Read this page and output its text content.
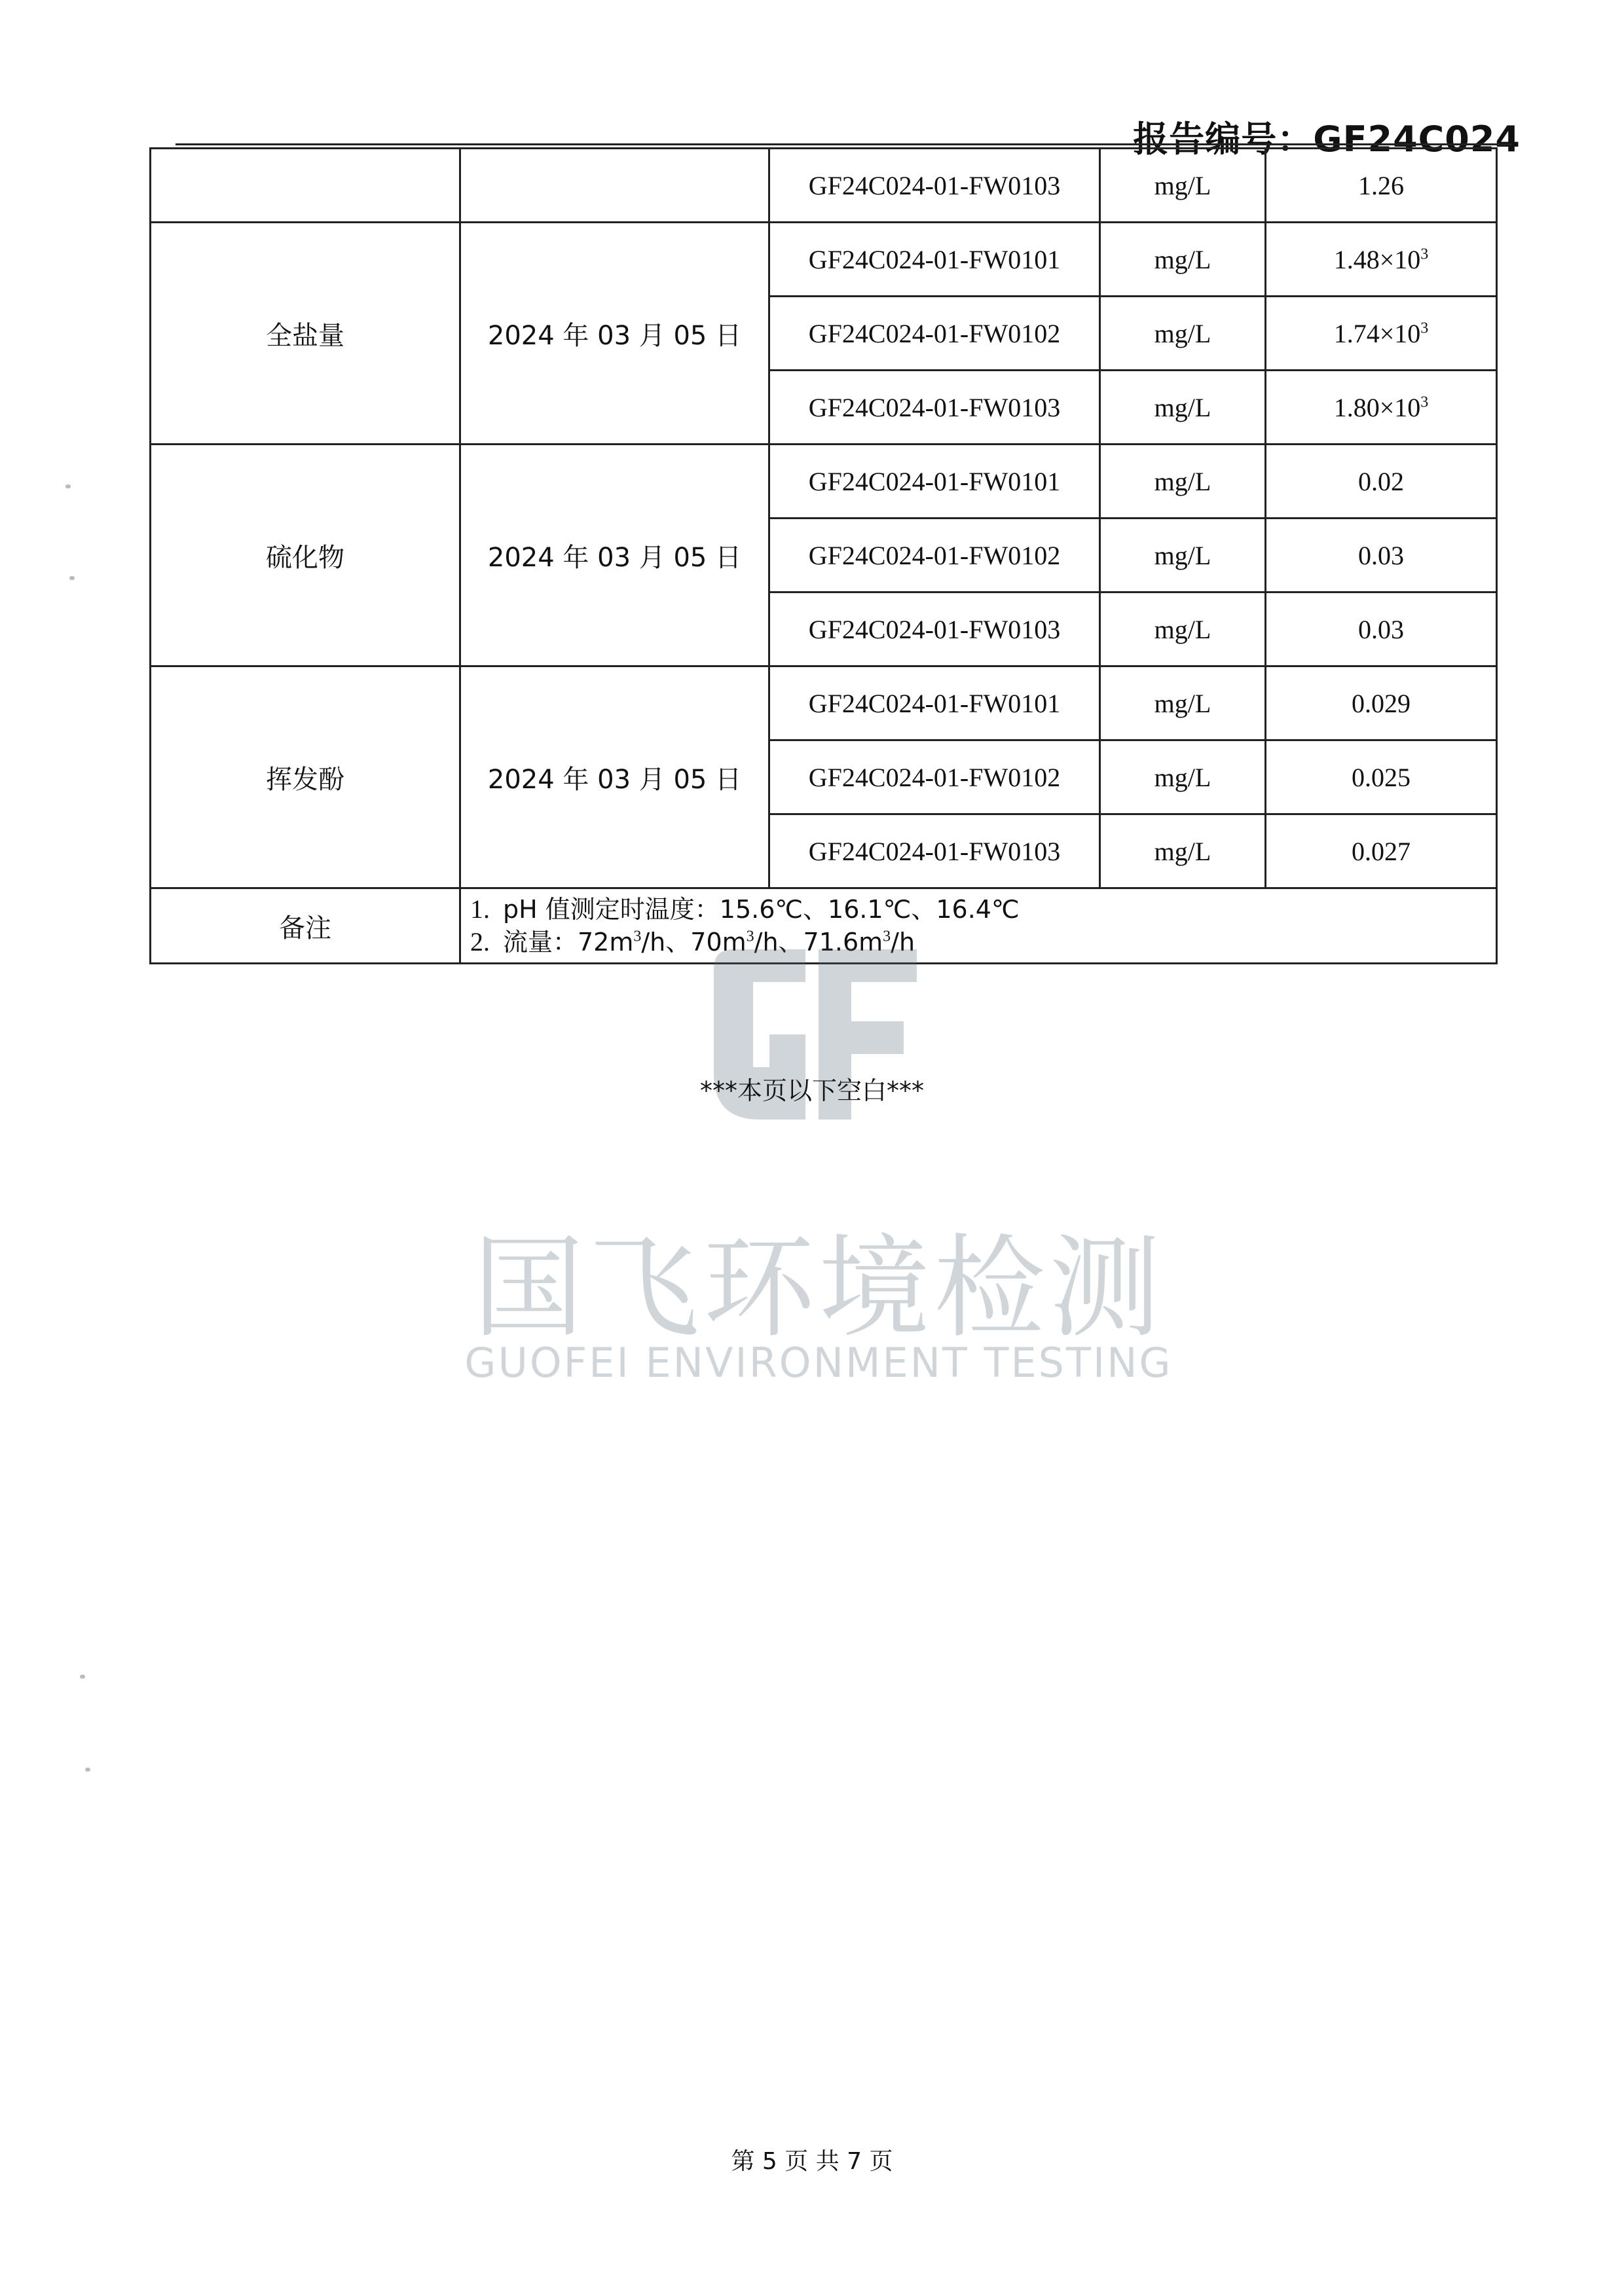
报告编号：GF24C024
		GF24C024-01-FW0103	mg/L	1.26
全盐量	2024 年 03 月 05 日	GF24C024-01-FW0101	mg/L	$1.48\times 10^3$
		GF24C024-01-FW0102	mg/L	$1.74\times 10^3$
		GF24C024-01-FW0103	mg/L	$1.80\times 10^3$
硫化物	2024 年 03 月 05 日	GF24C024-01-FW0101	mg/L	0.02
		GF24C024-01-FW0102	mg/L	0.03
		GF24C024-01-FW0103	mg/L	0.03
挥发酚	2024 年 03 月 05 日	GF24C024-01-FW0101	mg/L	0.029
		GF24C024-01-FW0102	mg/L	0.025
		GF24C024-01-FW0103	mg/L	0.027
备注	1. pH 值测定时温度：15.6℃、16.1℃、16.4℃
2. 流量：$72m^3/h$、$70m^3/h$、$71.6m^3/h$			
国飞环境检测
GUOFEI ENVIRONMENT TESTING
***本页以下空白***
第 5 页 共 7 页
